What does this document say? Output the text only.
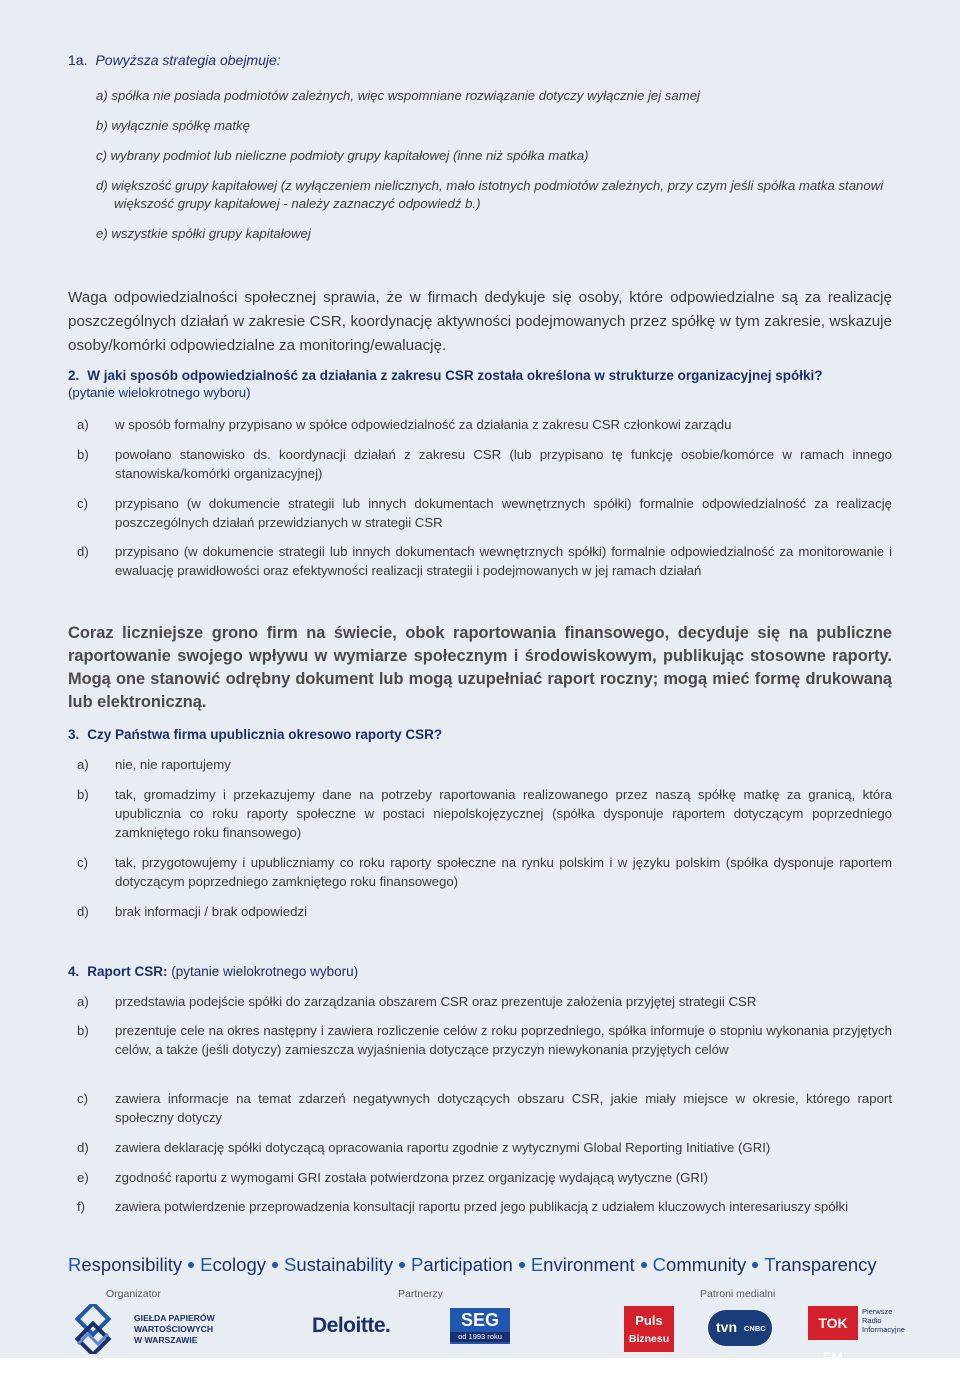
1a. Powyższa strategia obejmuje:
a) spółka nie posiada podmiotów zależnych, więc wspomniane rozwiązanie dotyczy wyłącznie jej samej
b) wyłącznie spółkę matkę
c) wybrany podmiot lub nieliczne podmioty grupy kapitałowej (inne niż spółka matka)
d) większość grupy kapitałowej (z wyłączeniem nielicznych, mało istotnych podmiotów zależnych, przy czym jeśli spółka matka stanowi większość grupy kapitałowej - należy zaznaczyć odpowiedź b.)
e) wszystkie spółki grupy kapitałowej
Waga odpowiedzialności społecznej sprawia, że w firmach dedykuje się osoby, które odpowiedzialne są za realizację poszczególnych działań w zakresie CSR, koordynację aktywności podejmowanych przez spółkę w tym zakresie, wskazuje osoby/komórki odpowiedzialne za monitoring/ewaluację.
2. W jaki sposób odpowiedzialność za działania z zakresu CSR została określona w strukturze organizacyjnej spółki?
(pytanie wielokrotnego wyboru)
a) w sposób formalny przypisano w spółce odpowiedzialność za działania z zakresu CSR członkowi zarządu
b) powołano stanowisko ds. koordynacji działań z zakresu CSR (lub przypisano tę funkcję osobie/komórce w ramach innego stanowiska/komórki organizacyjnej)
c) przypisano (w dokumencie strategii lub innych dokumentach wewnętrznych spółki) formalnie odpowiedzialność za realizację poszczególnych działań przewidzianych w strategii CSR
d) przypisano (w dokumencie strategii lub innych dokumentach wewnętrznych spółki) formalnie odpowiedzialność za monitorowanie i ewaluację prawidłowości oraz efektywności realizacji strategii i podejmowanych w jej ramach działań
Coraz liczniejsze grono firm na świecie, obok raportowania finansowego, decyduje się na publiczne raportowanie swojego wpływu w wymiarze społecznym i środowiskowym, publikując stosowne raporty. Mogą one stanowić odrębny dokument lub mogą uzupełniać raport roczny; mogą mieć formę drukowaną lub elektroniczną.
3. Czy Państwa firma upublicznia okresowo raporty CSR?
a) nie, nie raportujemy
b) tak, gromadzimy i przekazujemy dane na potrzeby raportowania realizowanego przez naszą spółkę matkę za granicą, która upublicznia co roku raporty społeczne w postaci niepolskojęzycznej (spółka dysponuje raportem dotyczącym poprzedniego zamkniętego roku finansowego)
c) tak, przygotowujemy i upubliczniamy co roku raporty społeczne na rynku polskim i w języku polskim (spółka dysponuje raportem dotyczącym poprzedniego zamkniętego roku finansowego)
d) brak informacji / brak odpowiedzi
4. Raport CSR: (pytanie wielokrotnego wyboru)
a) przedstawia podejście spółki do zarządzania obszarem CSR oraz prezentuje założenia przyjętej strategii CSR
b) prezentuje cele na okres następny i zawiera rozliczenie celów z roku poprzedniego, spółka informuje o stopniu wykonania przyjętych celów, a także (jeśli dotyczy) zamieszcza wyjaśnienia dotyczące przyczyn niewykonania przyjętych celów
c) zawiera informacje na temat zdarzeń negatywnych dotyczących obszaru CSR, jakie miały miejsce w okresie, którego raport społeczny dotyczy
d) zawiera deklarację spółki dotyczącą opracowania raportu zgodnie z wytycznymi Global Reporting Initiative (GRI)
e) zgodność raportu z wymogami GRI została potwierdzona przez organizację wydającą wytyczne (GRI)
f) zawiera potwierdzenie przeprowadzenia konsultacji raportu przed jego publikacją z udziałem kluczowych interesariuszy spółki
Responsibility Ecology Sustainability Participation Environment Community Transparency
Organizator	Partnerzy	Patroni medialni
GIEŁDA PAPIERÓW
WARTOŚCIOWYCH
W WARSZAWIE
Deloitte.	SEG
od 1993 roku
Puls
Biznesu
tvn CNBC	TOK FM
Pierwsze
Radio
Informacyjne
